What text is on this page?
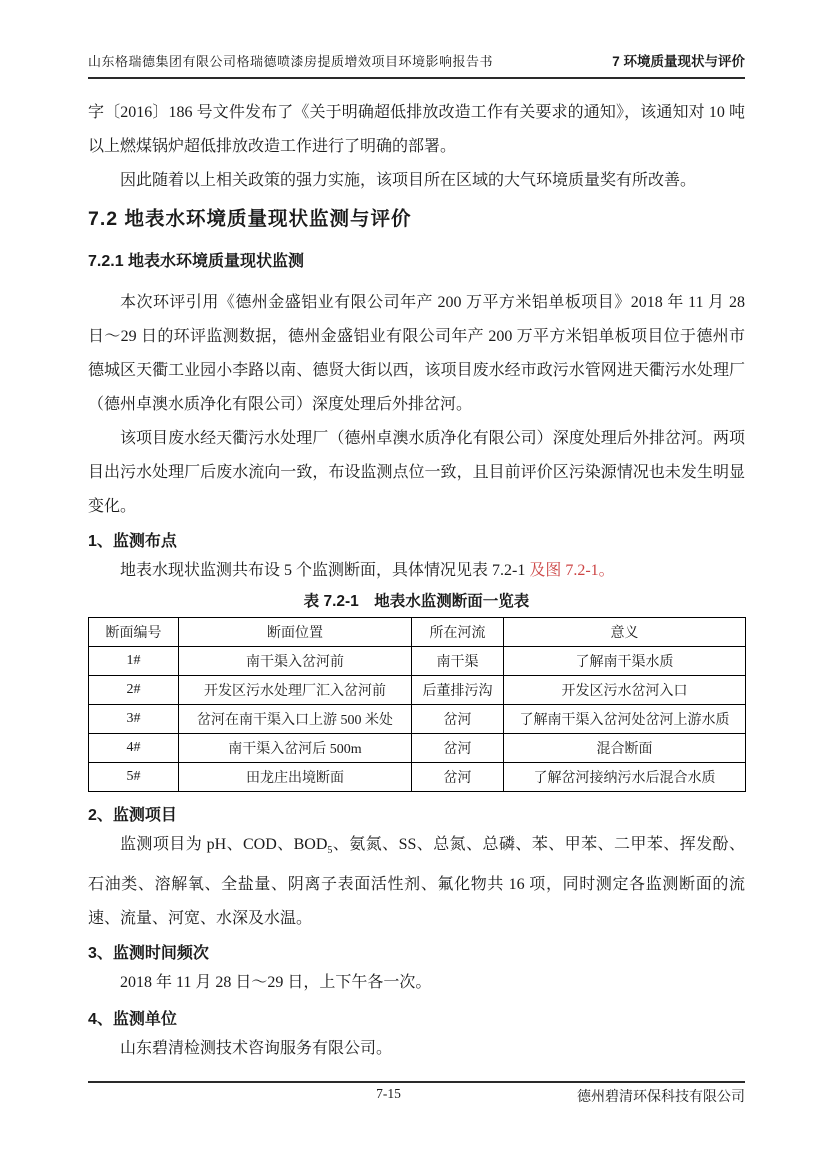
山东格瑞德集团有限公司格瑞德喷漆房提质增效项目环境影响报告书	7 环境质量现状与评价

字〔2016〕186 号文件发布了《关于明确超低排放改造工作有关要求的通知》，该通知对 10 吨以上燃煤锅炉超低排放改造工作进行了明确的部署。

因此随着以上相关政策的强力实施，该项目所在区域的大气环境质量奖有所改善。

7.2 地表水环境质量现状监测与评价
7.2.1 地表水环境质量现状监测

本次环评引用《德州金盛铝业有限公司年产 200 万平方米铝单板项目》2018 年 11 月 28 日～29 日的环评监测数据，德州金盛铝业有限公司年产 200 万平方米铝单板项目位于德州市德城区天衢工业园小李路以南、德贤大街以西，该项目废水经市政污水管网进天衢污水处理厂（德州卓澳水质净化有限公司）深度处理后外排岔河。

该项目废水经天衢污水处理厂（德州卓澳水质净化有限公司）深度处理后外排岔河。两项目出污水处理厂后废水流向一致，布设监测点位一致，且目前评价区污染源情况也未发生明显变化。

1、监测布点

地表水现状监测共布设 5 个监测断面，具体情况见表 7.2-1 及图 7.2-1。

表 7.2-1　地表水监测断面一览表
断面编号	断面位置	所在河流	意义
1#	南干渠入岔河前	南干渠	了解南干渠水质
2#	开发区污水处理厂汇入岔河前	后董排污沟	开发区污水岔河入口
3#	岔河在南干渠入口上游 500 米处	岔河	了解南干渠入岔河处岔河上游水质
4#	南干渠入岔河后 500m	岔河	混合断面
5#	田龙庄出境断面	岔河	了解岔河接纳污水后混合水质
2、监测项目

监测项目为 pH、COD、$BOD_5$、氨氮、SS、总氮、总磷、苯、甲苯、二甲苯、挥发酚、石油类、溶解氧、全盐量、阴离子表面活性剂、氟化物共 16 项，同时测定各监测断面的流速、流量、河宽、水深及水温。

3、监测时间频次

2018 年 11 月 28 日～29 日，上下午各一次。

4、监测单位

山东碧清检测技术咨询服务有限公司。

7-15	德州碧清环保科技有限公司
